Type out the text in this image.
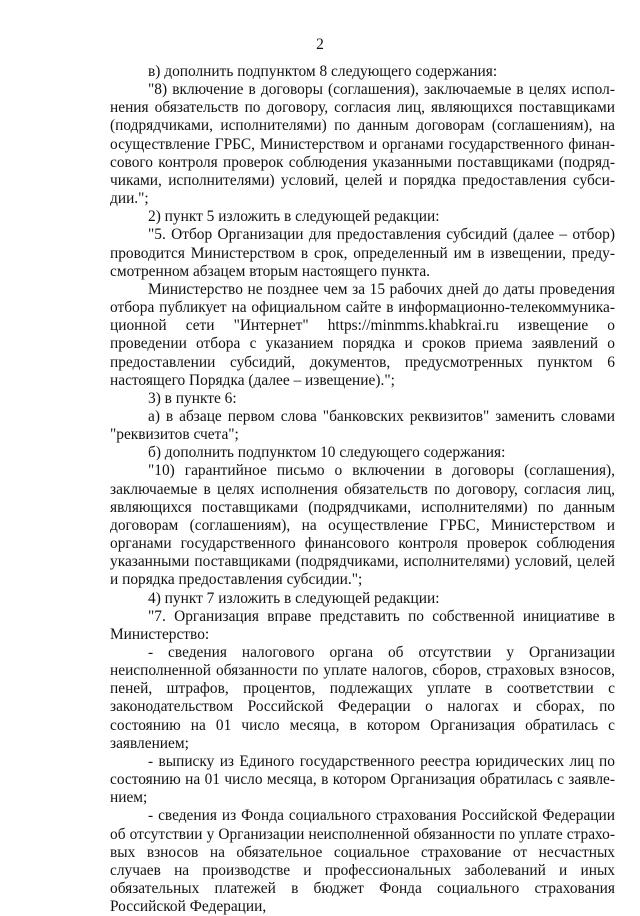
2

в) дополнить подпунктом 8 следующего содержания:

"8) включение в договоры (соглашения), заключаемые в целях исполнения обязательств по договору, согласия лиц, являющихся поставщиками (подрядчиками, исполнителями) по данным договорам (соглашениям), на осуществление ГРБС, Министерством и органами государственного финансового контроля проверок соблюдения указанными поставщиками (подрядчиками, исполнителями) условий, целей и порядка предоставления субсидии.";

2) пункт 5 изложить в следующей редакции:

"5. Отбор Организации для предоставления субсидий (далее – отбор) проводится Министерством в срок, определенный им в извещении, предусмотренном абзацем вторым настоящего пункта.

Министерство не позднее чем за 15 рабочих дней до даты проведения отбора публикует на официальном сайте в информационно-телекоммуникационной сети "Интернет" https://minmms.khabkrai.ru извещение о проведении отбора с указанием порядка и сроков приема заявлений о предоставлении субсидий, документов, предусмотренных пунктом 6 настоящего Порядка (далее – извещение).";

3) в пункте 6:

а) в абзаце первом слова "банковских реквизитов" заменить словами "реквизитов счета";

б) дополнить подпунктом 10 следующего содержания:

"10) гарантийное письмо о включении в договоры (соглашения), заключаемые в целях исполнения обязательств по договору, согласия лиц, являющихся поставщиками (подрядчиками, исполнителями) по данным договорам (соглашениям), на осуществление ГРБС, Министерством и органами государственного финансового контроля проверок соблюдения указанными поставщиками (подрядчиками, исполнителями) условий, целей и порядка предоставления субсидии.";

4) пункт 7 изложить в следующей редакции:

"7. Организация вправе представить по собственной инициативе в Министерство:

- сведения налогового органа об отсутствии у Организации неисполненной обязанности по уплате налогов, сборов, страховых взносов, пеней, штрафов, процентов, подлежащих уплате в соответствии с законодательством Российской Федерации о налогах и сборах, по состоянию на 01 число месяца, в котором Организация обратилась с заявлением;

- выписку из Единого государственного реестра юридических лиц по состоянию на 01 число месяца, в котором Организация обратилась с заявлением;

- сведения из Фонда социального страхования Российской Федерации об отсутствии у Организации неисполненной обязанности по уплате страховых взносов на обязательное социальное страхование от несчастных случаев на производстве и профессиональных заболеваний и иных обязательных платежей в бюджет Фонда социального страхования Российской Федерации,
